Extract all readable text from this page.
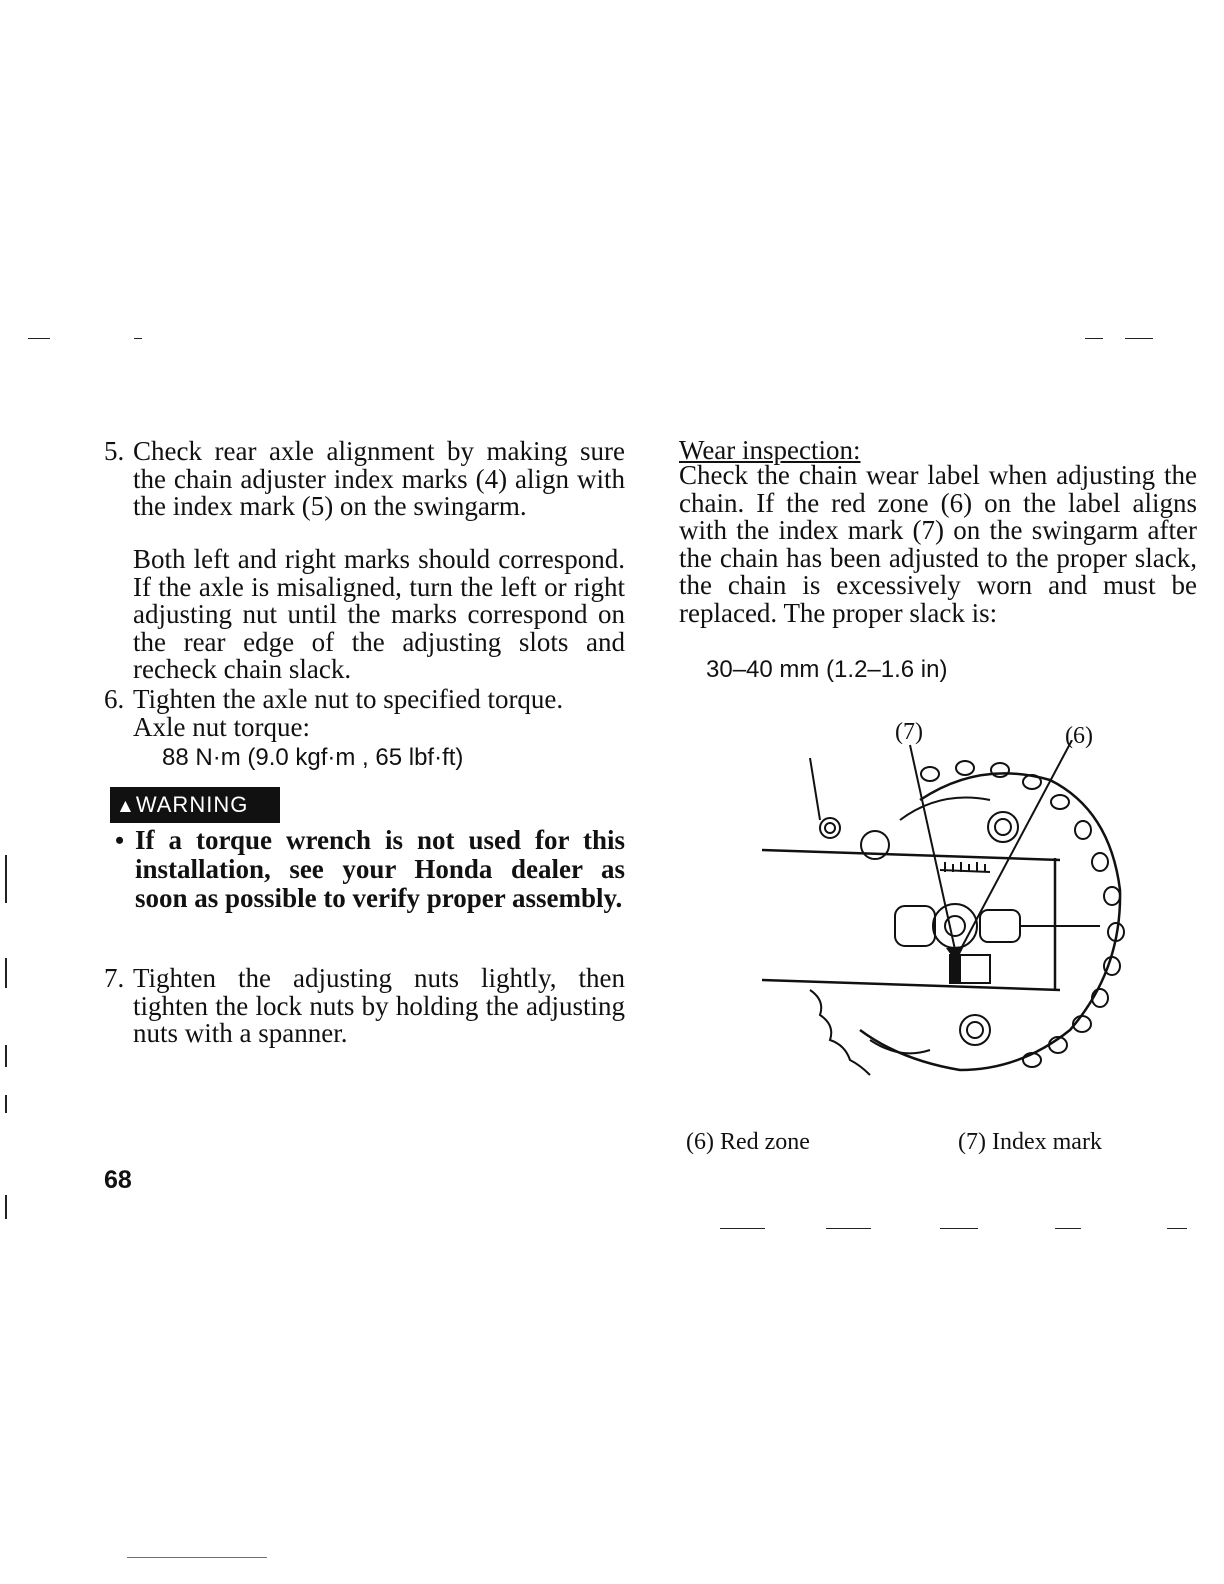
5. Check rear axle alignment by making sure the chain adjuster index marks (4) align with the index mark (5) on the swingarm.
Both left and right marks should correspond. If the axle is misaligned, turn the left or right adjusting nut until the marks correspond on the rear edge of the adjusting slots and recheck chain slack.
6. Tighten the axle nut to specified torque.
Axle nut torque:
88 N·m (9.0 kgf·m , 65 lbf·ft)
▲WARNING
• If a torque wrench is not used for this installation, see your Honda dealer as soon as possible to verify proper assembly.
7. Tighten the adjusting nuts lightly, then tighten the lock nuts by holding the adjusting nuts with a spanner.
68
Wear inspection:
Check the chain wear label when adjusting the chain. If the red zone (6) on the label aligns with the index mark (7) on the swingarm after the chain has been adjusted to the proper slack, the chain is excessively worn and must be replaced. The proper slack is:
30–40 mm (1.2–1.6 in)
(7)	(6)
(6) Red zone	(7) Index mark
